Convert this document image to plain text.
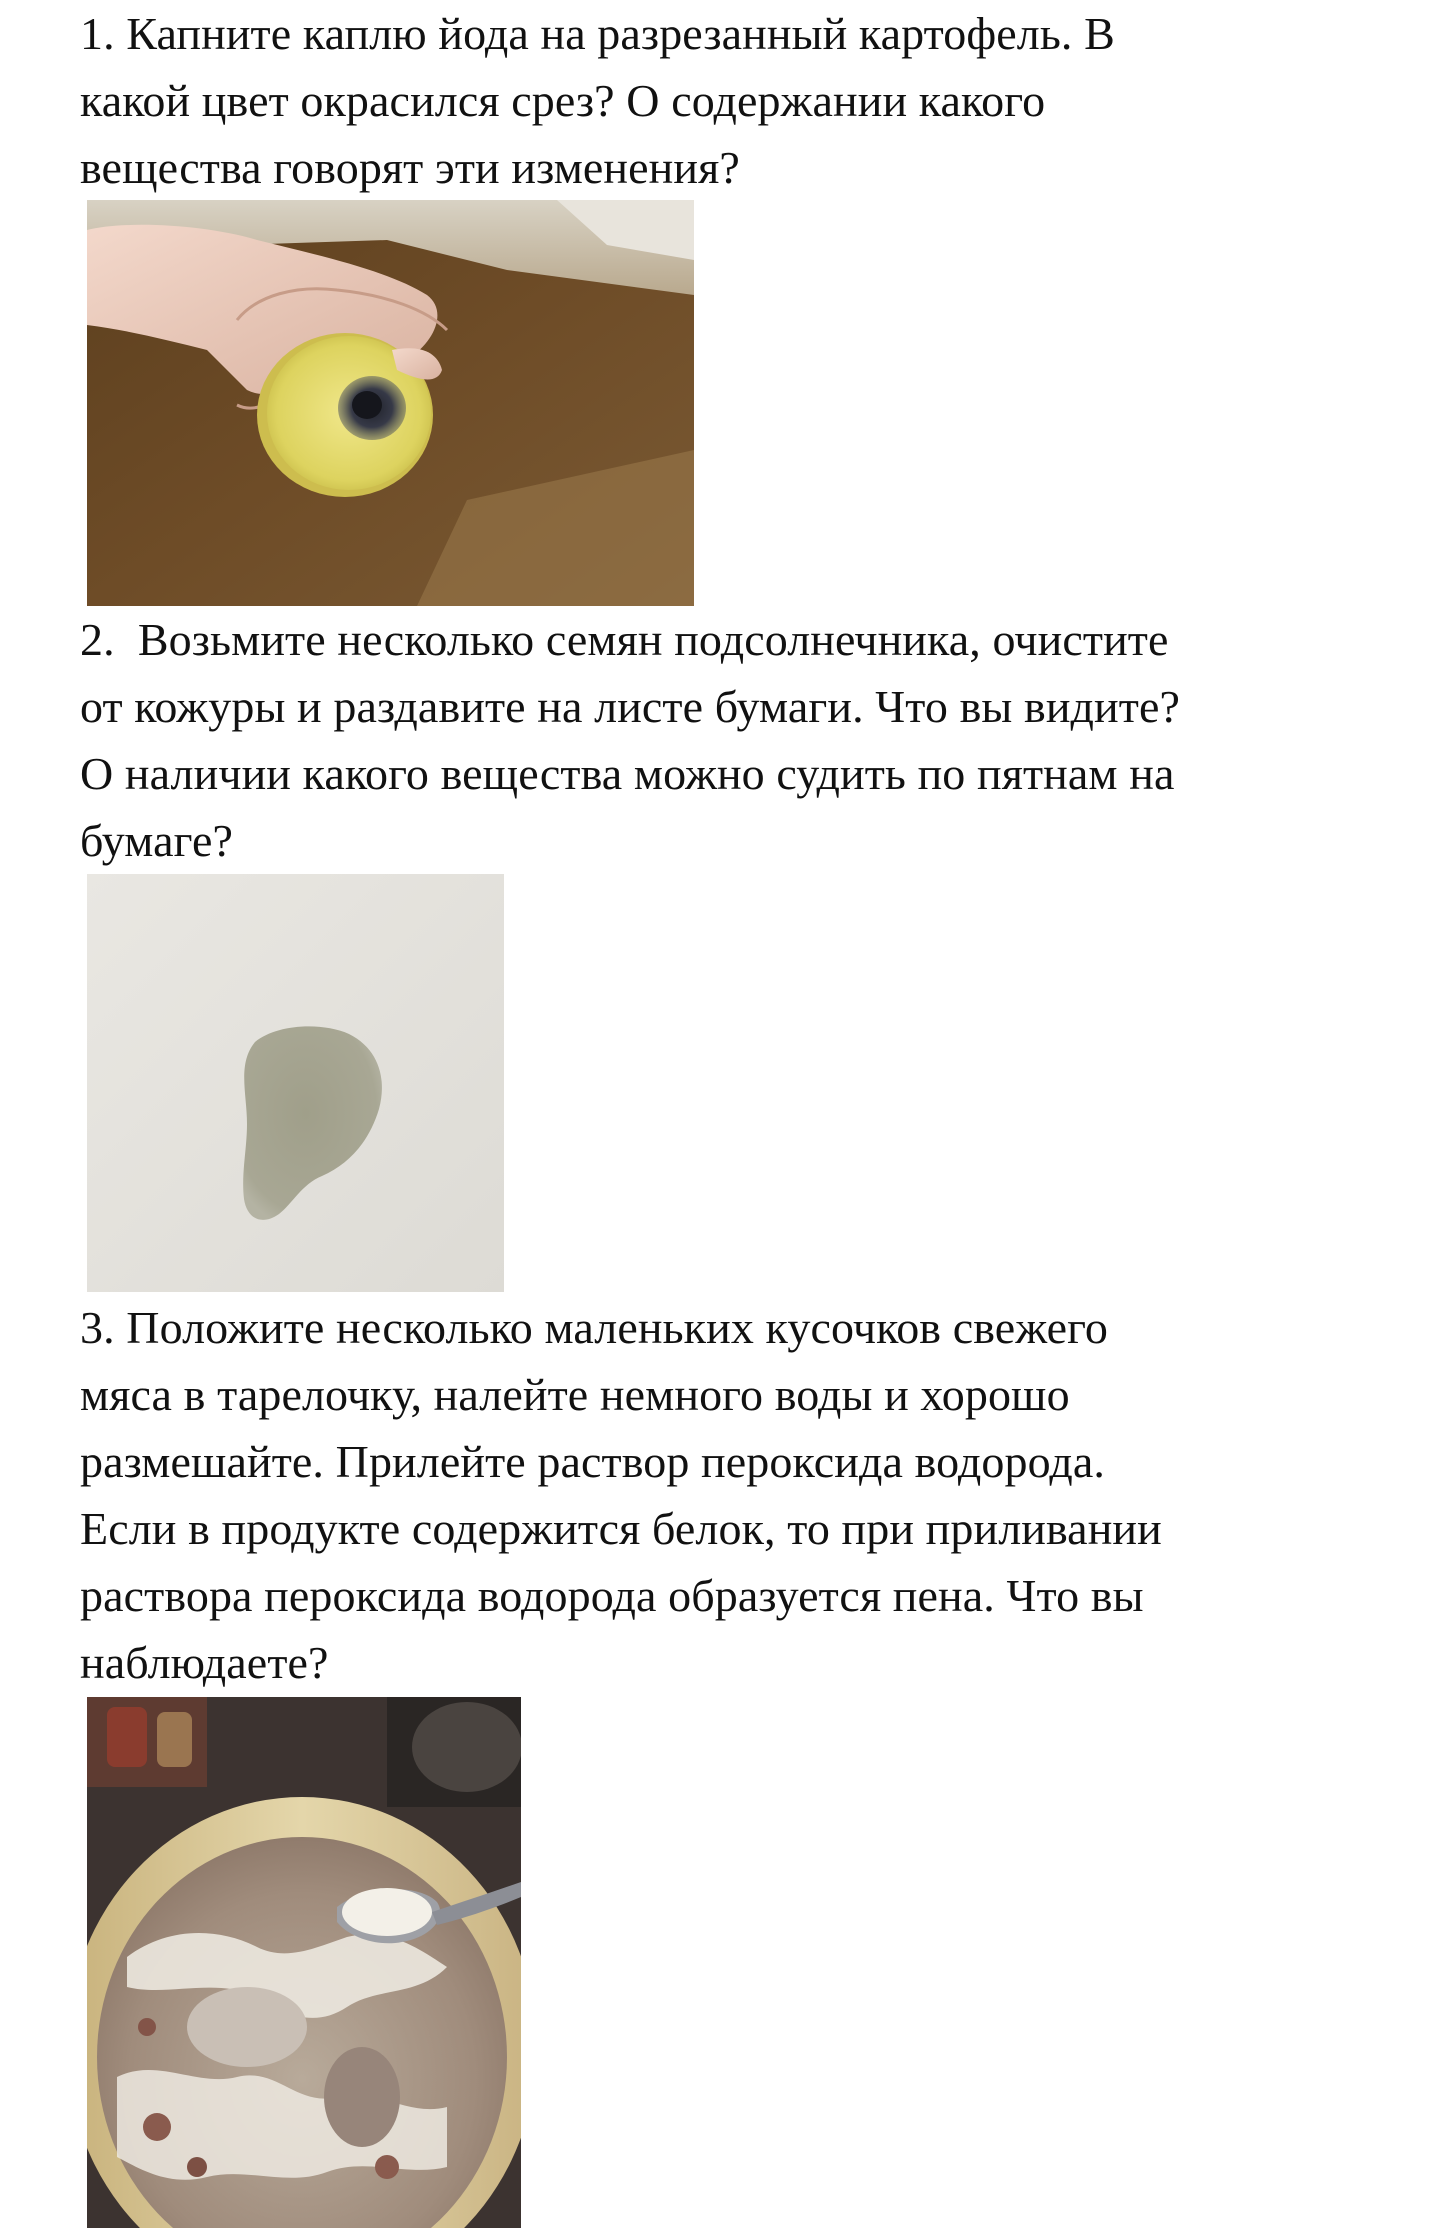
1. Капните каплю йода на разрезанный картофель. В
какой цвет окрасился срез? О содержании какого
вещества говорят эти изменения?

2.  Возьмите несколько семян подсолнечника, очистите
от кожуры и раздавите на листе бумаги. Что вы видите?
О наличии какого вещества можно судить по пятнам на
бумаге?

3. Положите несколько маленьких кусочков свежего
мяса в тарелочку, налейте немного воды и хорошо
размешайте. Прилейте раствор пероксида водорода.
Если в продукте содержится белок, то при приливании
раствора пероксида водорода образуется пена. Что вы
наблюдаете?
